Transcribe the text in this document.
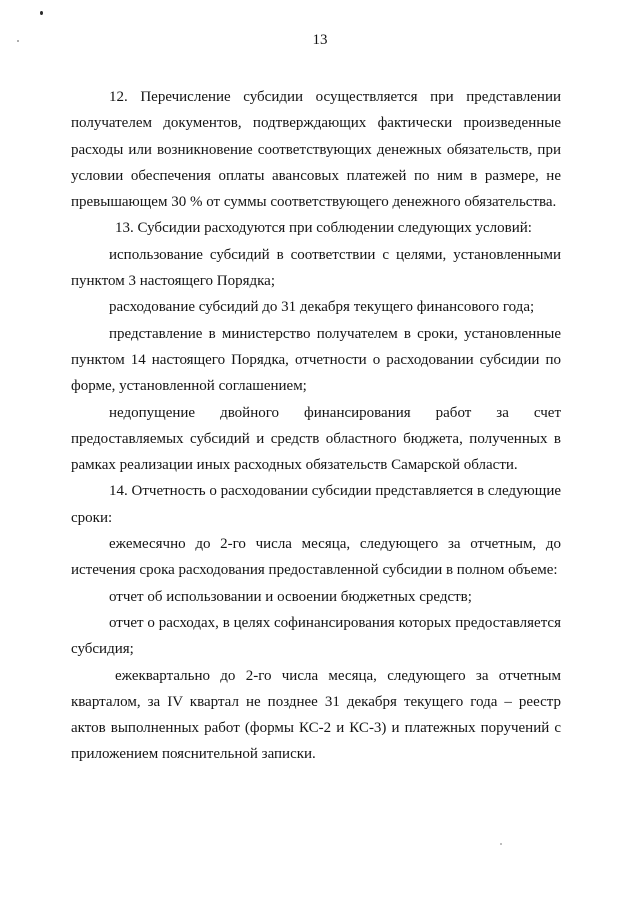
13

12. Перечисление субсидии осуществляется при представлении получателем документов, подтверждающих фактически произведенные расходы или возникновение соответствующих денежных обязательств, при условии обеспечения оплаты авансовых платежей по ним в размере, не превышающем 30 % от суммы соответствующего денежного обязательства.

13. Субсидии расходуются при соблюдении следующих условий:

использование субсидий в соответствии с целями, установленными пунктом 3 настоящего Порядка;

расходование субсидий до 31 декабря текущего финансового года;

представление в министерство получателем в сроки, установленные пунктом 14 настоящего Порядка, отчетности о расходовании субсидии по форме, установленной соглашением;

недопущение двойного финансирования работ за счет предоставляемых субсидий и средств областного бюджета, полученных в рамках реализации иных расходных обязательств Самарской области.

14. Отчетность о расходовании субсидии представляется в следующие сроки:

ежемесячно до 2-го числа месяца, следующего за отчетным, до истечения срока расходования предоставленной субсидии в полном объеме:

отчет об использовании и освоении бюджетных средств;

отчет о расходах, в целях софинансирования которых предоставляется субсидия;

ежеквартально до 2-го числа месяца, следующего за отчетным кварталом, за IV квартал не позднее 31 декабря текущего года – реестр актов выполненных работ (формы КС-2 и КС-3) и платежных поручений с приложением пояснительной записки.
